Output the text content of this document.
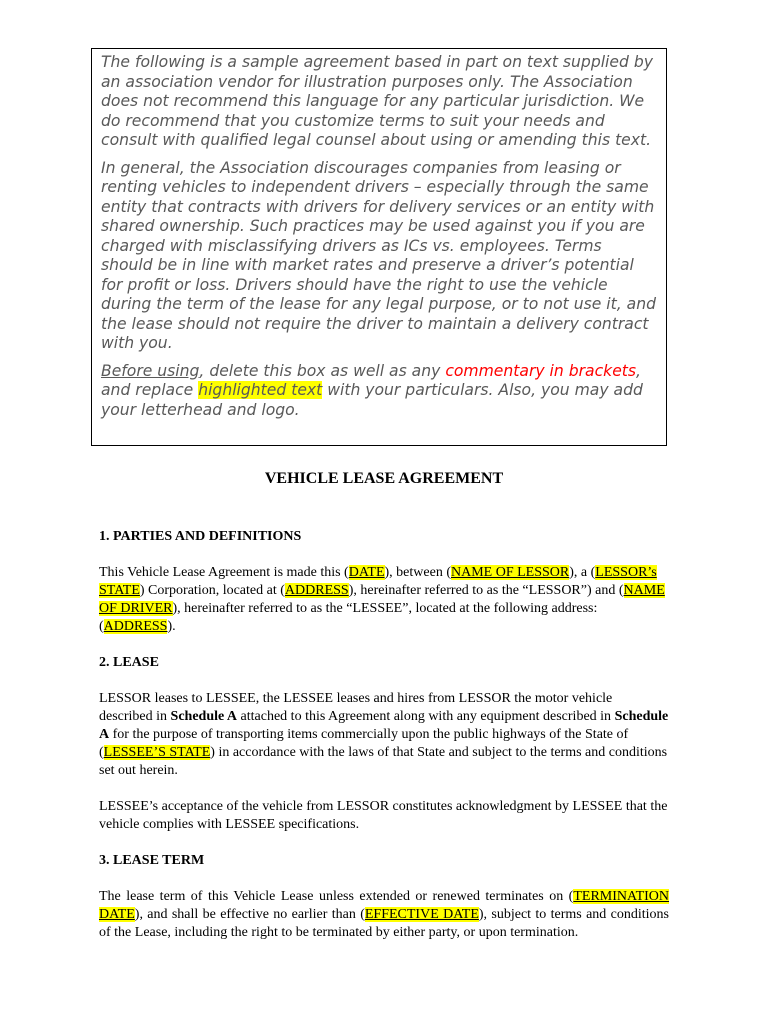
The following is a sample agreement based in part on text supplied by an association vendor for illustration purposes only. The Association does not recommend this language for any particular jurisdiction. We do recommend that you customize terms to suit your needs and consult with qualified legal counsel about using or amending this text.

In general, the Association discourages companies from leasing or renting vehicles to independent drivers – especially through the same entity that contracts with drivers for delivery services or an entity with shared ownership. Such practices may be used against you if you are charged with misclassifying drivers as ICs vs. employees. Terms should be in line with market rates and preserve a driver’s potential for profit or loss. Drivers should have the right to use the vehicle during the term of the lease for any legal purpose, or to not use it, and the lease should not require the driver to maintain a delivery contract with you.

Before using, delete this box as well as any commentary in brackets, and replace highlighted text with your particulars. Also, you may add your letterhead and logo.

VEHICLE LEASE AGREEMENT
1. PARTIES AND DEFINITIONS
This Vehicle Lease Agreement is made this (DATE), between (NAME OF LESSOR), a (LESSOR’s STATE) Corporation, located at (ADDRESS), hereinafter referred to as the “LESSOR”) and (NAME OF DRIVER), hereinafter referred to as the “LESSEE”, located at the following address: (ADDRESS).
2. LEASE
LESSOR leases to LESSEE, the LESSEE leases and hires from LESSOR the motor vehicle described in Schedule A attached to this Agreement along with any equipment described in Schedule A for the purpose of transporting items commercially upon the public highways of the State of (LESSEE’S STATE) in accordance with the laws of that State and subject to the terms and conditions set out herein.
LESSEE’s acceptance of the vehicle from LESSOR constitutes acknowledgment by LESSEE that the vehicle complies with LESSEE specifications.
3. LEASE TERM
The lease term of this Vehicle Lease unless extended or renewed terminates on (TERMINATION DATE), and shall be effective no earlier than (EFFECTIVE DATE), subject to terms and conditions of the Lease, including the right to be terminated by either party, or upon termination.
